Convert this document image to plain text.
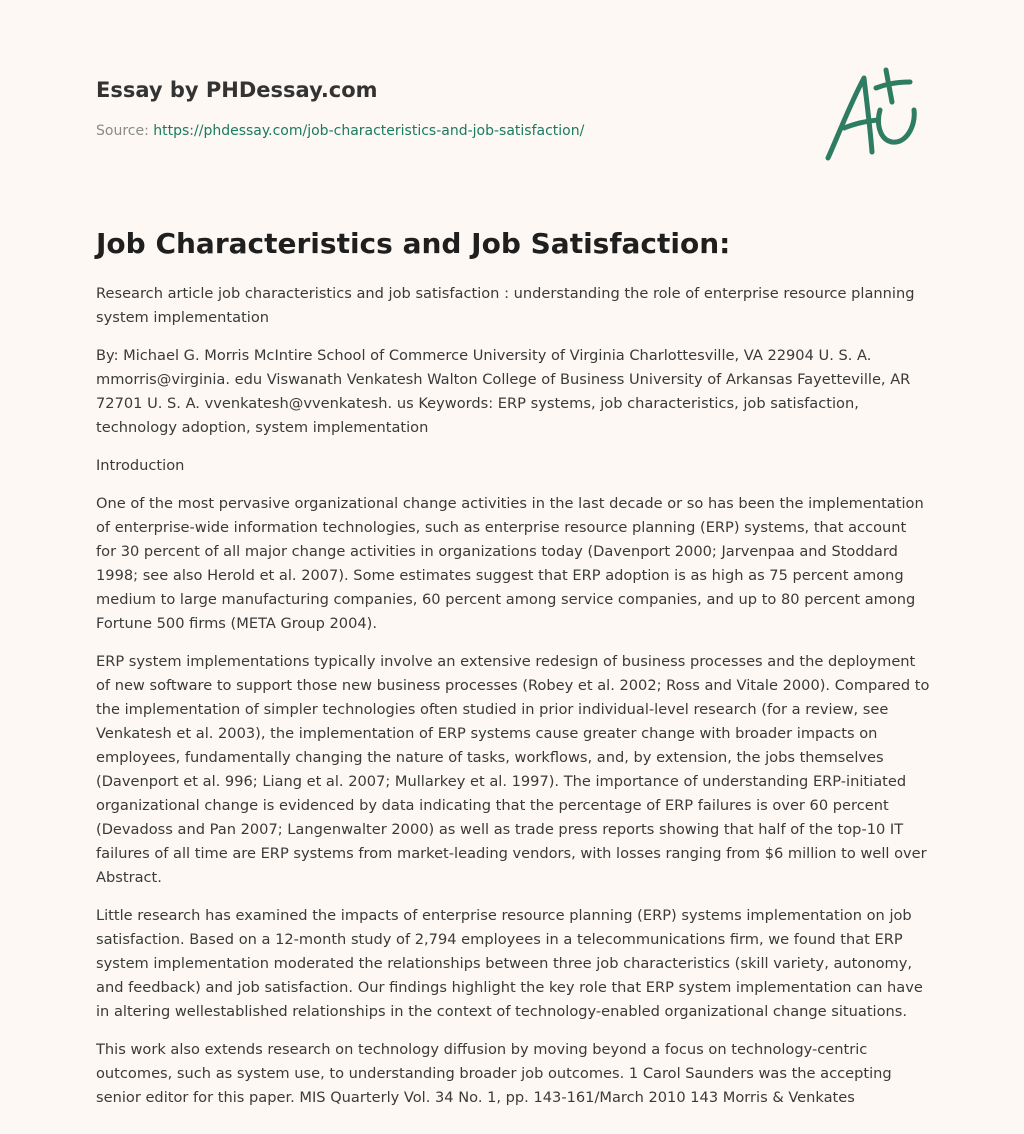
Essay by PHDessay.com
Source: https://phdessay.com/job-characteristics-and-job-satisfaction/
Job Characteristics and Job Satisfaction:

Research article job characteristics and job satisfaction : understanding the role of enterprise resource planning system implementation

By: Michael G. Morris McIntire School of Commerce University of Virginia Charlottesville, VA 22904 U. S. A. mmorris@virginia. edu Viswanath Venkatesh Walton College of Business University of Arkansas Fayetteville, AR 72701 U. S. A. vvenkatesh@vvenkatesh. us Keywords: ERP systems, job characteristics, job satisfaction, technology adoption, system implementation

Introduction

One of the most pervasive organizational change activities in the last decade or so has been the implementation of enterprise-wide information technologies, such as enterprise resource planning (ERP) systems, that account for 30 percent of all major change activities in organizations today (Davenport 2000; Jarvenpaa and Stoddard 1998; see also Herold et al. 2007). Some estimates suggest that ERP adoption is as high as 75 percent among medium to large manufacturing companies, 60 percent among service companies, and up to 80 percent among Fortune 500 firms (META Group 2004).

ERP system implementations typically involve an extensive redesign of business processes and the deployment of new software to support those new business processes (Robey et al. 2002; Ross and Vitale 2000). Compared to the implementation of simpler technologies often studied in prior individual-level research (for a review, see Venkatesh et al. 2003), the implementation of ERP systems cause greater change with broader impacts on employees, fundamentally changing the nature of tasks, workflows, and, by extension, the jobs themselves (Davenport et al. 996; Liang et al. 2007; Mullarkey et al. 1997). The importance of understanding ERP-initiated organizational change is evidenced by data indicating that the percentage of ERP failures is over 60 percent (Devadoss and Pan 2007; Langenwalter 2000) as well as trade press reports showing that half of the top-10 IT failures of all time are ERP systems from market-leading vendors, with losses ranging from $6 million to well over Abstract.

Little research has examined the impacts of enterprise resource planning (ERP) systems implementation on job satisfaction. Based on a 12-month study of 2,794 employees in a telecommunications firm, we found that ERP system implementation moderated the relationships between three job characteristics (skill variety, autonomy, and feedback) and job satisfaction. Our findings highlight the key role that ERP system implementation can have in altering wellestablished relationships in the context of technology-enabled organizational change situations.

This work also extends research on technology diffusion by moving beyond a focus on technology-centric outcomes, such as system use, to understanding broader job outcomes. 1 Carol Saunders was the accepting senior editor for this paper. MIS Quarterly Vol. 34 No. 1, pp. 143-161/March 2010 143 Morris & Venkates
